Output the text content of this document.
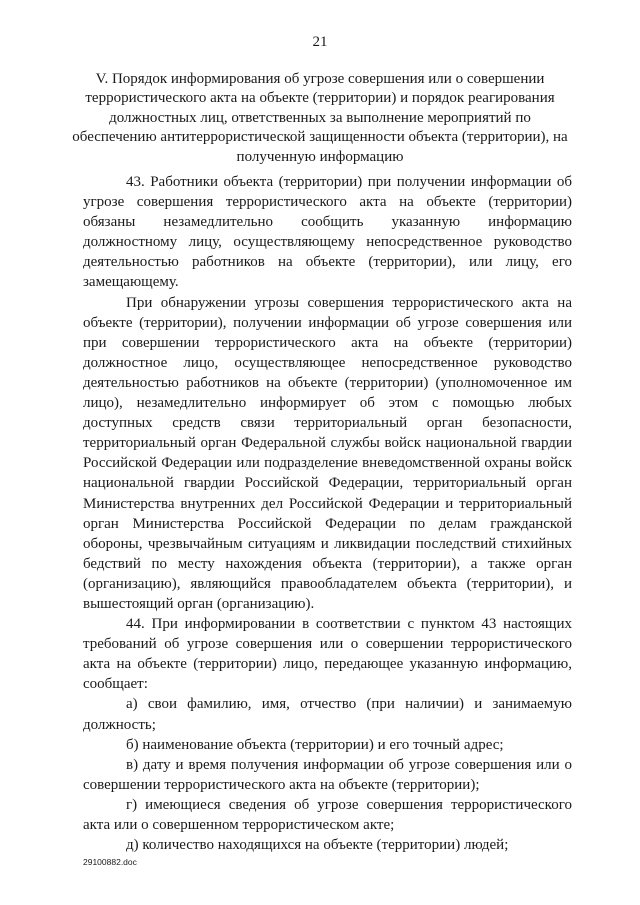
21
V. Порядок информирования об угрозе совершения или о совершении террористического акта на объекте (территории) и порядок реагирования должностных лиц, ответственных за выполнение мероприятий по обеспечению антитеррористической защищенности объекта (территории), на полученную информацию

43. Работники объекта (территории) при получении информации об угрозе совершения террористического акта на объекте (территории) обязаны незамедлительно сообщить указанную информацию должностному лицу, осуществляющему непосредственное руководство деятельностью работников на объекте (территории), или лицу, его замещающему.

При обнаружении угрозы совершения террористического акта на объекте (территории), получении информации об угрозе совершения или при совершении террористического акта на объекте (территории) должностное лицо, осуществляющее непосредственное руководство деятельностью работников на объекте (территории) (уполномоченное им лицо), незамедлительно информирует об этом с помощью любых доступных средств связи территориальный орган безопасности, территориальный орган Федеральной службы войск национальной гвардии Российской Федерации или подразделение вневедомственной охраны войск национальной гвардии Российской Федерации, территориальный орган Министерства внутренних дел Российской Федерации и территориальный орган Министерства Российской Федерации по делам гражданской обороны, чрезвычайным ситуациям и ликвидации последствий стихийных бедствий по месту нахождения объекта (территории), а также орган (организацию), являющийся правообладателем объекта (территории), и вышестоящий орган (организацию).

44. При информировании в соответствии с пунктом 43 настоящих требований об угрозе совершения или о совершении террористического акта на объекте (территории) лицо, передающее указанную информацию, сообщает:

а) свои фамилию, имя, отчество (при наличии) и занимаемую должность;

б) наименование объекта (территории) и его точный адрес;

в) дату и время получения информации об угрозе совершения или о совершении террористического акта на объекте (территории);

г) имеющиеся сведения об угрозе совершения террористического акта или о совершенном террористическом акте;

д) количество находящихся на объекте (территории) людей;

29100882.doc
